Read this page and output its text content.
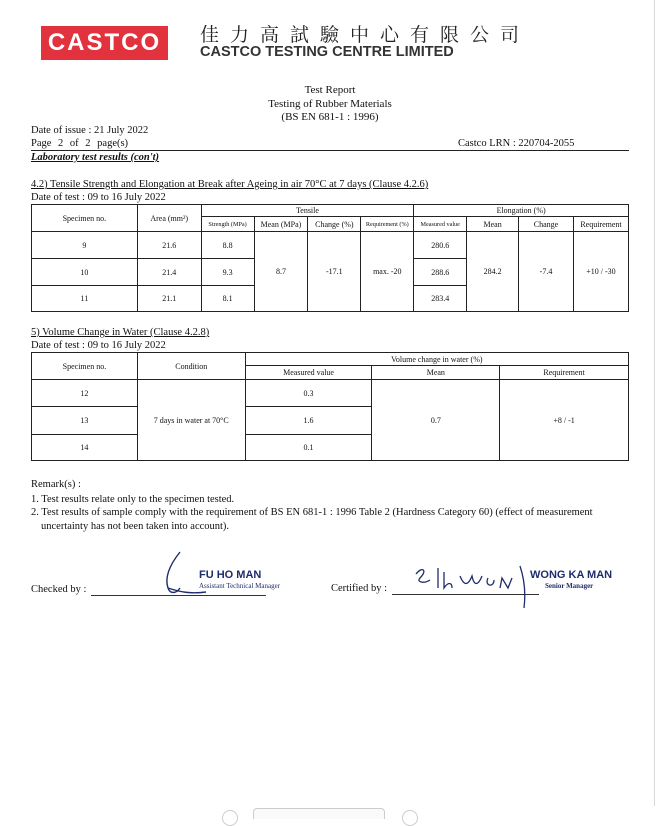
CASTCO	佳力高試驗中心有限公司
CASTCO TESTING CENTRE LIMITED
Test Report
Testing of Rubber Materials
(BS EN 681-1 : 1996)
Date of issue : 21 July 2022
Page 2 of 2 page(s)	Castco LRN : 220704-2055
Laboratory test results (con't)
4.2) Tensile Strength and Elongation at Break after Ageing in air 70°C at 7 days (Clause 4.2.6)
Date of test : 09 to 16 July 2022
Specimen no.	Area (mm²)	Tensile				Elongation (%)			
		Strength (MPa)	Mean (MPa)	Change (%)	Requirement (%)	Measured value	Mean	Change	Requirement
9	21.6	8.8	8.7	-17.1	max. -20	280.6	284.2	-7.4	+10 / -30
10	21.4	9.3				288.6			
11	21.1	8.1				283.4			
5) Volume Change in Water (Clause 4.2.8)
Date of test : 09 to 16 July 2022
Specimen no.	Condition	Volume change in water (%)		
		Measured value	Mean	Requirement
12	7 days in water at 70°C	0.3	0.7	+8 / -1
13		1.6		
14		0.1		
Remark(s) :
1. Test results relate only to the specimen tested.
2. Test results of sample comply with the requirement of BS EN 681-1 : 1996 Table 2 (Hardness Category 60) (effect of measurement uncertainty has not been taken into account).
Checked by :
FU HO MAN
Assistant Technical Manager	Certified by :
WONG KA MAN
Senior Manager
